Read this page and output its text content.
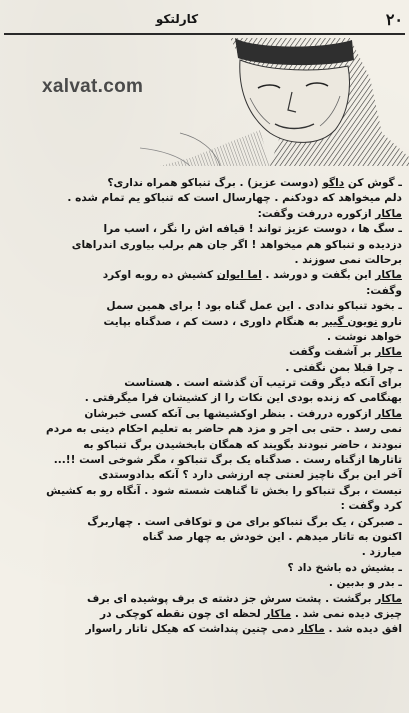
٢٠
کارلتکو
xalvat.com
ـ گوش کن داگو (دوست عزیز) . برگ تنباکو همراه نداری؟
دلم میخواهد که دودکنم . چهارسال است که تنباکو یم تمام شده .
ماکار ازکوره دررفت وگفت:
ـ سگ ها ، دوست عزیز تواند ! قیافه اش را نگر ، اسب مرا
دزدیده و تنباکو هم میخواهد ! اگر جان هم برلب بیاوری اندراهای
برحالت نمی سوزند .
ماکار این بگفت و دورشد . اما ایوان کشیش ده روبه اوکرد
وگفت:
ـ بخود تنباکو ندادی . این عمل گناه بود ! برای همین سمل
نارو نویون گییر به هنگام داوری ، دست کم ، صدگناه بپایت
خواهد نوشت .
ماکار بر آشفت وگفت
ـ چرا قبلا بمن نگفتی .
برای آنکه دیگر وقت ترتیب آن گذشته است . هستاست
بهنگامی که زنده بودی این نکات را از کشیشان فرا میگرفتی .
ماکار ازکوره دررفت . بنظر اوکشیشها بی آنکه کسی خبرشان
نمی رسد . حتی بی اجر و مزد هم حاضر به تعلیم احکام دینی به مردم
نبودند ، حاضر نبودند بگویند که همگان بابخشیدن برگ تنباکو به
تاتارها ازگناه رست . صدگناه یک برگ تنباکو ، مگر شوخی است !!...
آخر این برگ ناچیز لعنتی چه ارزشی دارد ؟ آنکه بدادوستدی
نیست ، برگ تنباکو را بخش تا گناهت شسته شود . آنگاه رو به کشیش
کرد وگفت :
ـ صبرکن ، یک برگ تنباکو برای من و توکافی است . چهاربرگ
اکنون به تاتار میدهم . این خودش به چهار صد گناه
میارزد .
ـ بشیش ده باشخ داد ؟
ـ بدر و بدبین .
ماکار برگشت . پشت سرش جز دشته ی برف پوشیده ای برف
چیزی دیده نمی شد . ماکار لحظه ای چون نقطه کوچکی در
افق دیده شد . ماکار دمی چنین پنداشت که هیکل تاتار راسوار
